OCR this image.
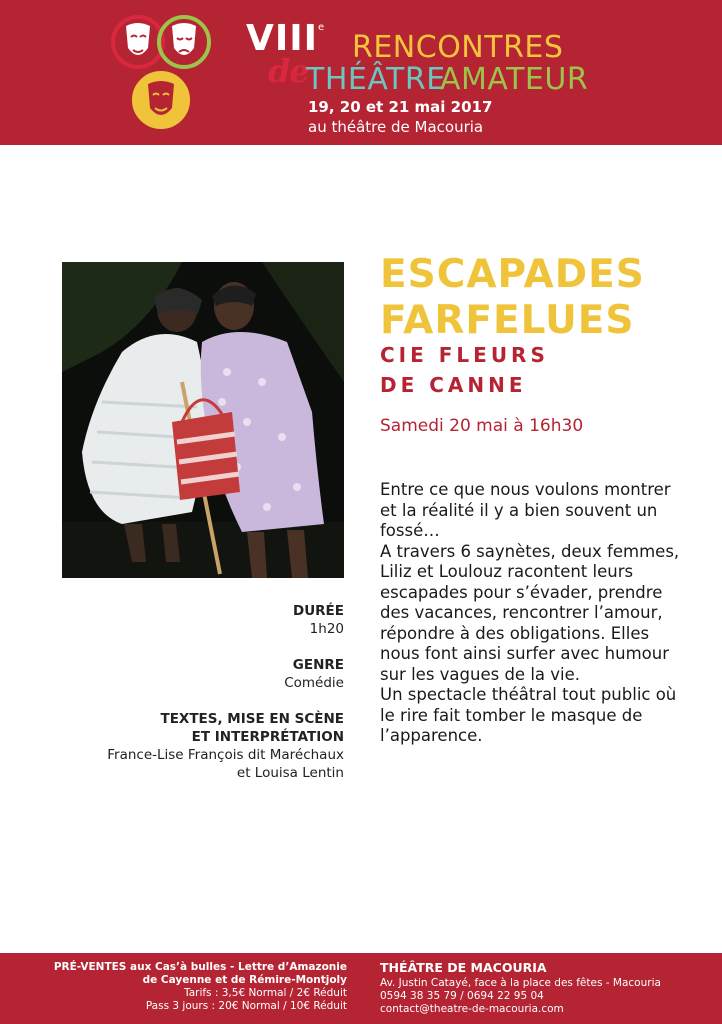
VIIIe
RENCONTRES
de
THÉÂTRE
AMATEUR
19, 20 et 21 mai 2017
au théâtre de Macouria
ESCAPADES
FARFELUES
CIE FLEURS
DE CANNE
Samedi 20 mai à 16h30

Entre ce que nous voulons montrer et la réalité il y a bien souvent un fossé…

A travers 6 saynètes, deux femmes, Liliz et Loulouz racontent leurs escapades pour s’évader, prendre des vacances, rencontrer l’amour, répondre à des obligations. Elles nous font ainsi surfer avec humour sur les vagues de la vie.

Un spectacle théâtral tout public où le rire fait tomber le masque de l’apparence.

DURÉE
1h20
GENRE
Comédie
TEXTES, MISE EN SCÈNE
ET INTERPRÉTATION
France-Lise François dit Maréchaux
et Louisa Lentin
PRÉ-VENTES aux Cas’à bulles - Lettre d’Amazonie
de Cayenne et de Rémire-Montjoly
Tarifs : 3,5€ Normal / 2€ Réduit
Pass 3 jours : 20€ Normal / 10€ Réduit
THÉÂTRE DE MACOURIA
Av. Justin Catayé, face à la place des fêtes - Macouria
0594 38 35 79 / 0694 22 95 04
contact@theatre-de-macouria.com
